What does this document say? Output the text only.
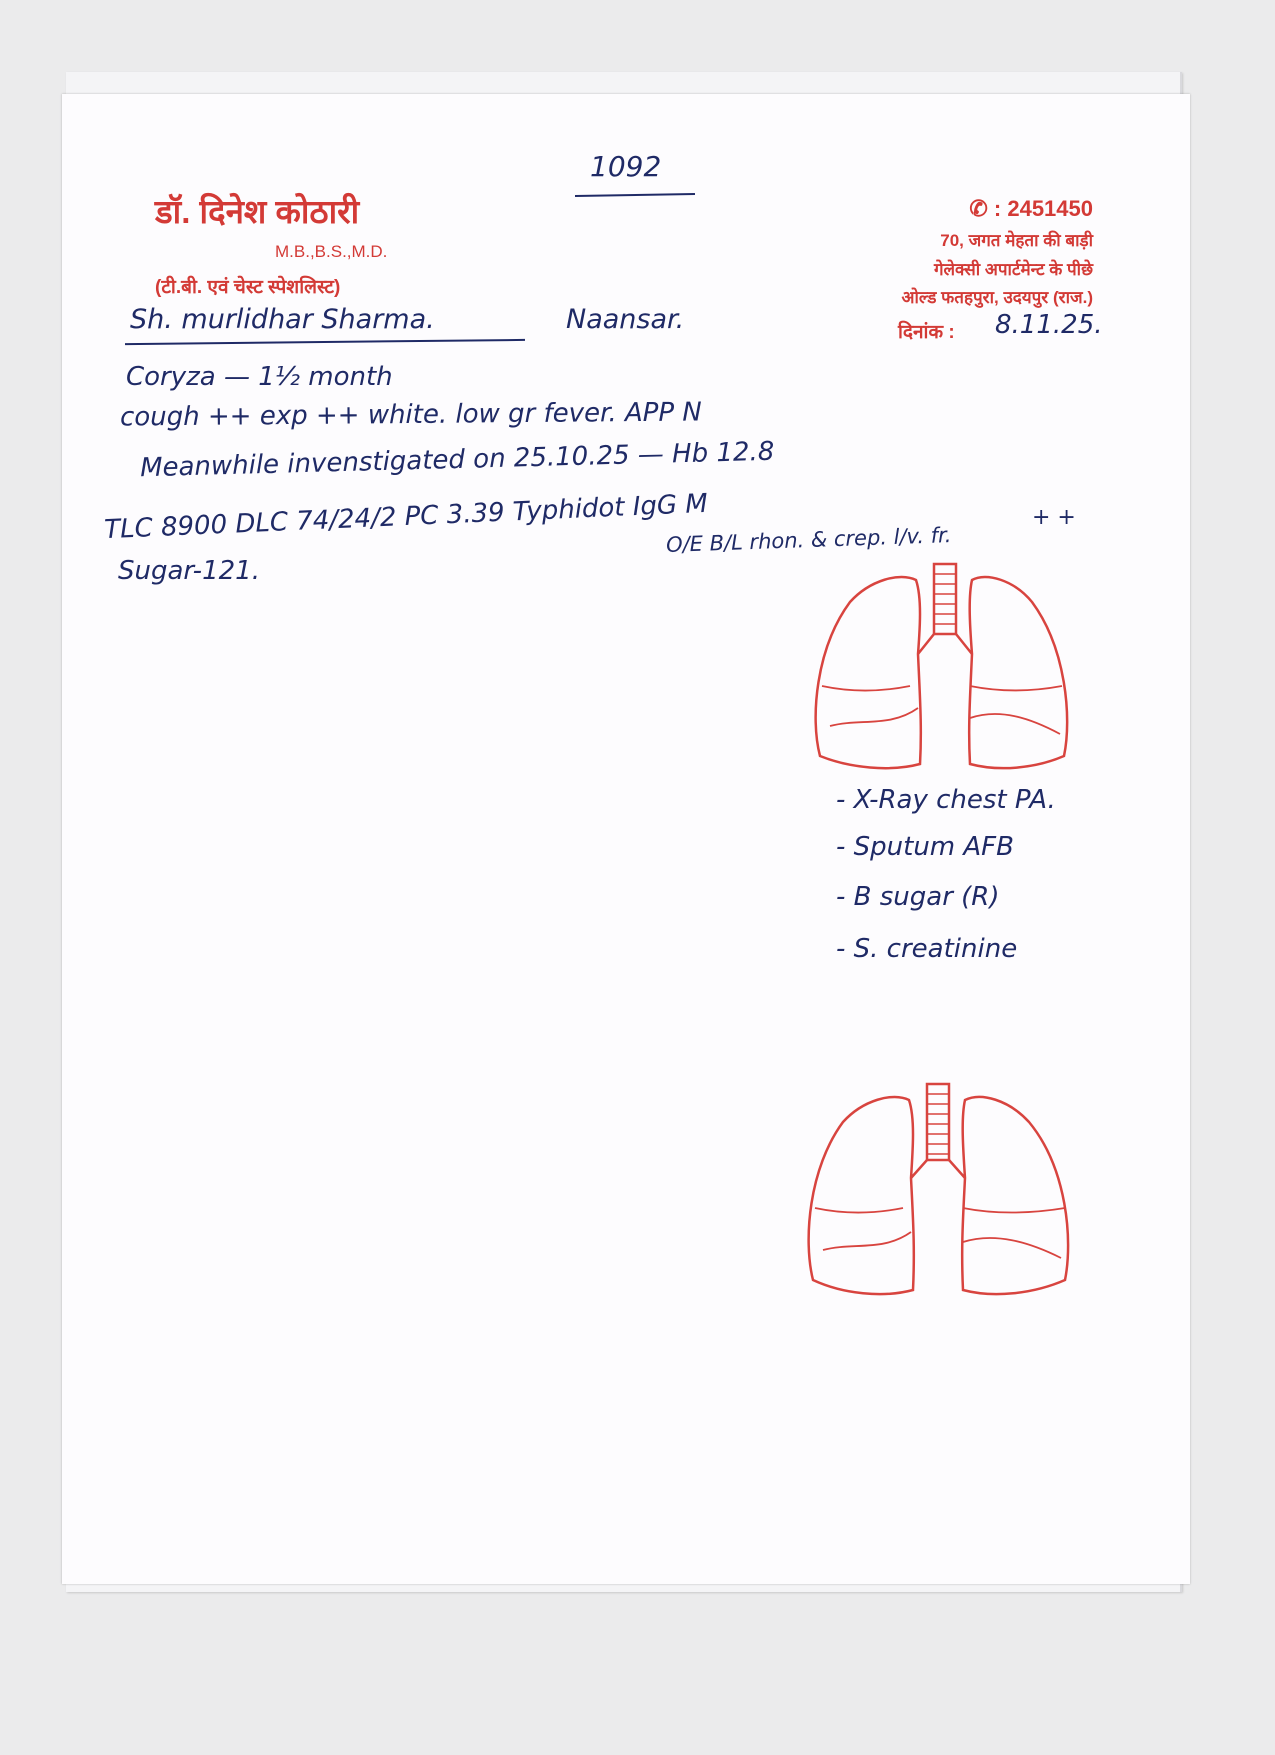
1092
डॉ. दिनेश कोठारी
M.B.,B.S.,M.D.
(टी.बी. एवं चेस्ट स्पेशलिस्ट)
✆ : 2451450
70, जगत मेहता की बाड़ी
गेलेक्सी अपार्टमेन्ट के पीछे
ओल्ड फतहपुरा, उदयपुर (राज.)
दिनांक : 8.11.25.
Sh. murlidhar Sharma.	Naansar.
Coryza — 1½ month
cough ++ exp ++ white. low gr fever. APP N
Meanwhile invenstigated on 25.10.25 — Hb 12.8
TLC 8900 DLC 74/24/2 PC 3.39 Typhidot IgG M	+ +
O/E B/L rhon. & crep. l/v. fr.
Sugar-121.
- X-Ray chest PA.
- Sputum AFB
- B sugar (R)
- S. creatinine
